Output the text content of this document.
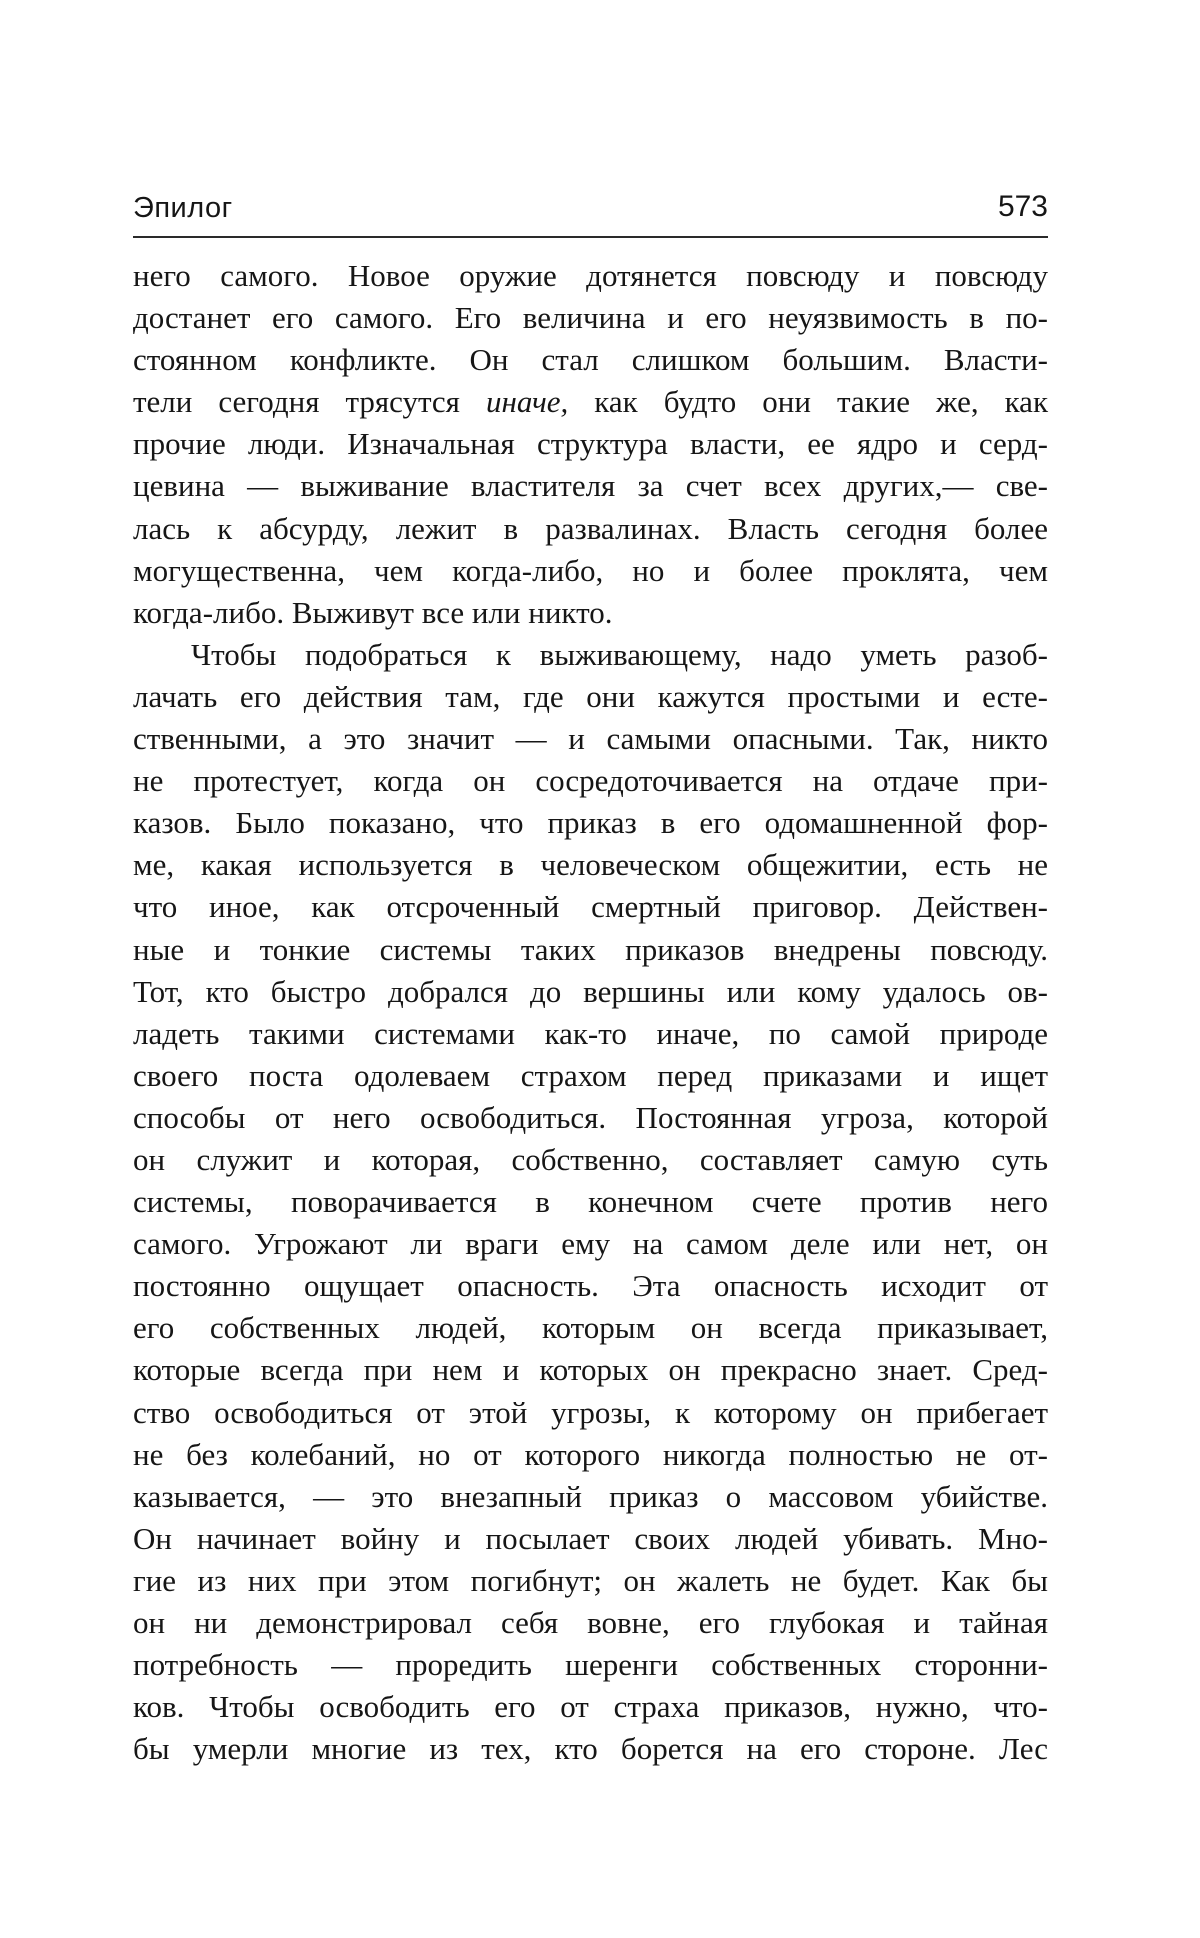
Эпилог	573
него самого. Новое оружие дотянется повсюду и повсюду
достанет его самого. Его величина и его неуязвимость в по-
стоянном конфликте. Он стал слишком большим. Власти-
тели сегодня трясутся иначе, как будто они такие же, как
прочие люди. Изначальная структура власти, ее ядро и серд-
цевина — выживание властителя за счет всех других,— све-
лась к абсурду, лежит в развалинах. Власть сегодня более
могущественна, чем когда-либо, но и более проклята, чем
когда-либо. Выживут все или никто.
Чтобы подобраться к выживающему, надо уметь разоб-
лачать его действия там, где они кажутся простыми и есте-
ственными, а это значит — и самыми опасными. Так, никто
не протестует, когда он сосредоточивается на отдаче при-
казов. Было показано, что приказ в его одомашненной фор-
ме, какая используется в человеческом общежитии, есть не
что иное, как отсроченный смертный приговор. Действен-
ные и тонкие системы таких приказов внедрены повсюду.
Тот, кто быстро добрался до вершины или кому удалось ов-
ладеть такими системами как-то иначе, по самой природе
своего поста одолеваем страхом перед приказами и ищет
способы от него освободиться. Постоянная угроза, которой
он служит и которая, собственно, составляет самую суть
системы, поворачивается в конечном счете против него
самого. Угрожают ли враги ему на самом деле или нет, он
постоянно ощущает опасность. Эта опасность исходит от
его собственных людей, которым он всегда приказывает,
которые всегда при нем и которых он прекрасно знает. Сред-
ство освободиться от этой угрозы, к которому он прибегает
не без колебаний, но от которого никогда полностью не от-
казывается, — это внезапный приказ о массовом убийстве.
Он начинает войну и посылает своих людей убивать. Мно-
гие из них при этом погибнут; он жалеть не будет. Как бы
он ни демонстрировал себя вовне, его глубокая и тайная
потребность — проредить шеренги собственных сторонни-
ков. Чтобы освободить его от страха приказов, нужно, что-
бы умерли многие из тех, кто борется на его стороне. Лес
